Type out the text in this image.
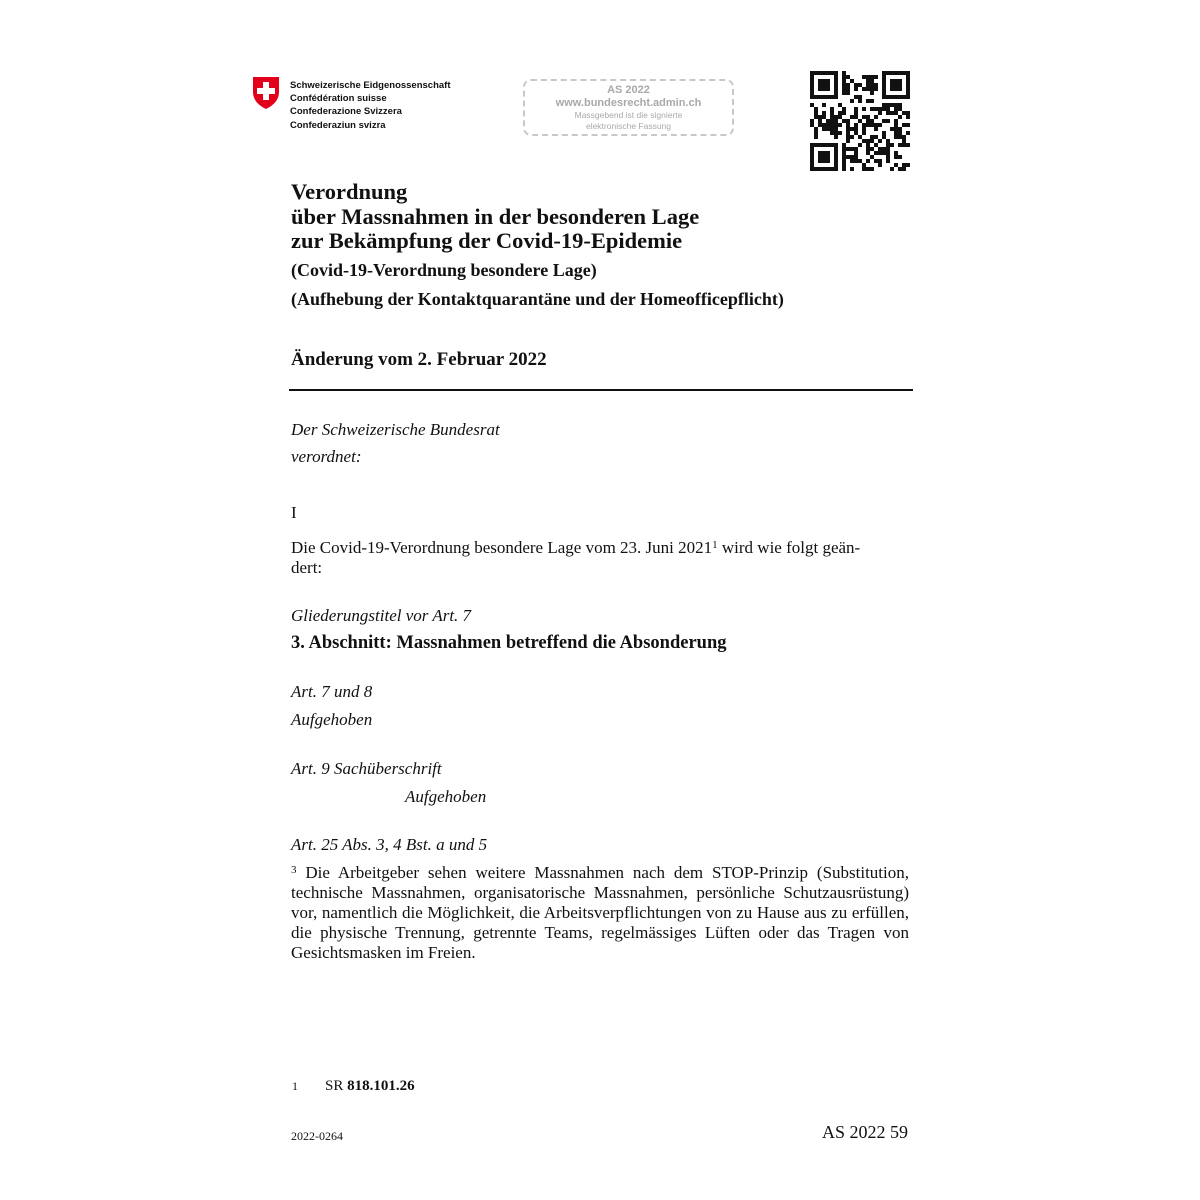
Schweizerische Eidgenossenschaft
Confédération suisse
Confederazione Svizzera
Confederaziun svizra
AS 2022
www.bundesrecht.admin.ch
Massgebend ist die signierte
elektronische Fassung
Verordnung
über Massnahmen in der besonderen Lage
zur Bekämpfung der Covid-19-Epidemie
(Covid-19-Verordnung besondere Lage)
(Aufhebung der Kontaktquarantäne und der Homeofficepflicht)
Änderung vom 2. Februar 2022
Der Schweizerische Bundesrat
verordnet:
I
Die Covid-19-Verordnung besondere Lage vom 23. Juni 2021$^1$ wird wie folgt geän-
dert:
Gliederungstitel vor Art. 7
3. Abschnitt: Massnahmen betreffend die Absonderung
Art. 7 und 8
Aufgehoben
Art. 9 Sachüberschrift
Aufgehoben
Art. 25 Abs. 3, 4 Bst. a und 5
$^3$ Die Arbeitgeber sehen weitere Massnahmen nach dem STOP-Prinzip (Substitution, technische Massnahmen, organisatorische Massnahmen, persönliche Schutzausrüstung) vor, namentlich die Möglichkeit, die Arbeitsverpflichtungen von zu Hause aus zu erfüllen, die physische Trennung, getrennte Teams, regelmässiges Lüften oder das Tragen von Gesichtsmasken im Freien.
1 SR 818.101.26
2022-0264	AS 2022 59
